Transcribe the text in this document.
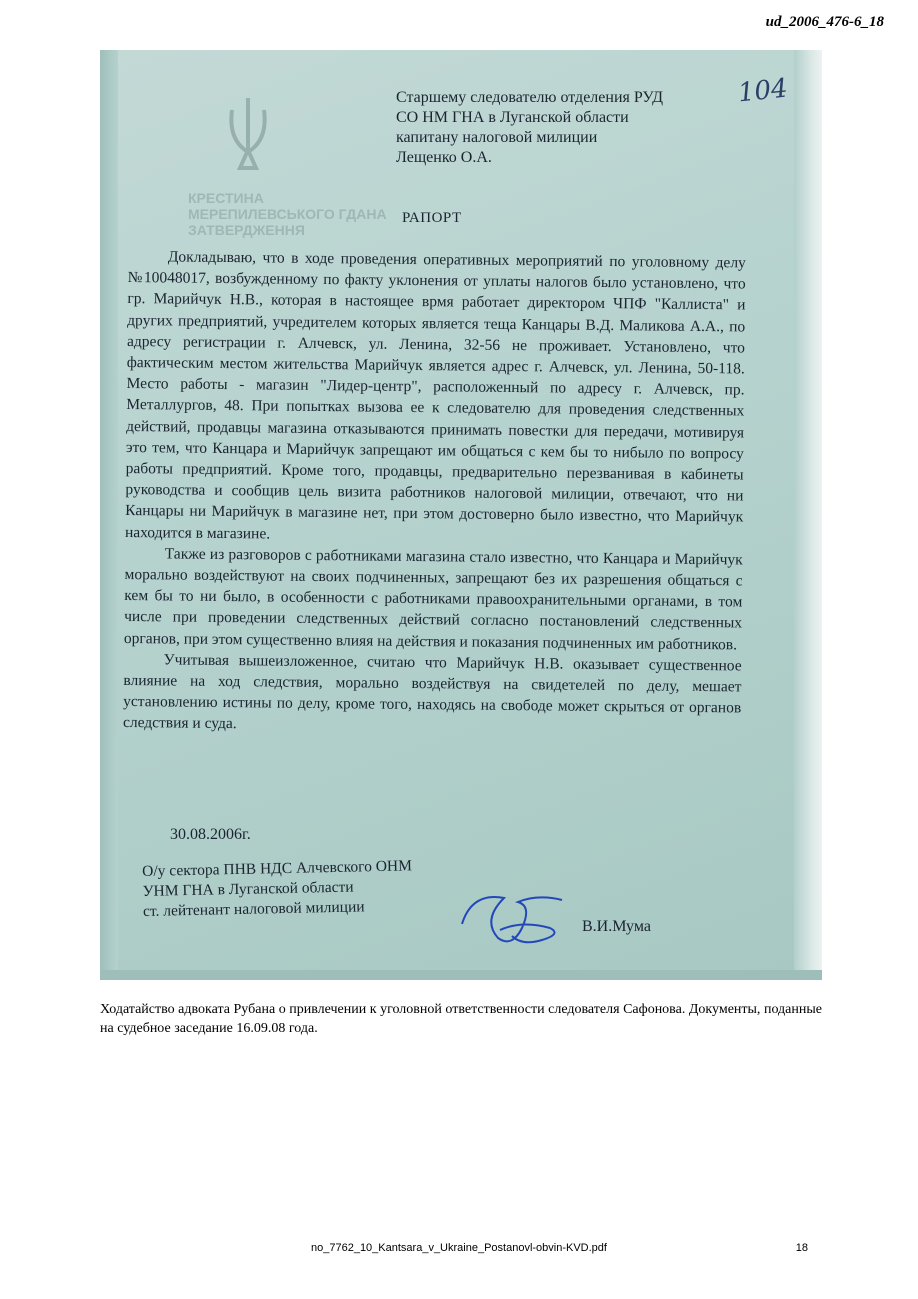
ud_2006_476-6_18
КРЕСТИНА
МЕРЕПИЛЕВСЬКОГО ГДАНА
ЗАТВЕРДЖЕННЯ
Старшему следователю отделения РУД
СО НМ ГНА в Луганской области
капитану налоговой милиции
Лещенко О.А.
104
РАПОРТ

Докладываю, что в ходе проведения оперативных мероприятий по уголовному делу №10048017, возбужденному по факту уклонения от уплаты налогов было установлено, что гр. Марийчук Н.В., которая в настоящее врмя работает директором ЧПФ "Каллиста" и других предприятий, учредителем которых является теща Канцары В.Д. Маликова А.А., по адресу регистрации г. Алчевск, ул. Ленина, 32-56 не проживает. Установлено, что фактическим местом жительства Марийчук является адрес г. Алчевск, ул. Ленина, 50-118. Место работы - магазин "Лидер-центр", расположенный по адресу г. Алчевск, пр. Металлургов, 48. При попытках вызова ее к следователю для проведения следственных действий, продавцы магазина отказываются принимать повестки для передачи, мотивируя это тем, что Канцара и Марийчук запрещают им общаться с кем бы то нибыло по вопросу работы предприятий. Кроме того, продавцы, предварительно перезванивая в кабинеты руководства и сообщив цель визита работников налоговой милиции, отвечают, что ни Канцары ни Марийчук в магазине нет, при этом достоверно было известно, что Марийчук находится в магазине.

Также из разговоров с работниками магазина стало известно, что Канцара и Марийчук морально воздействуют на своих подчиненных, запрещают без их разрешения общаться с кем бы то ни было, в особенности с работниками правоохранительными органами, в том числе при проведении следственных действий согласно постановлений следственных органов, при этом существенно влияя на действия и показания подчиненных им работников.

Учитывая вышеизложенное, считаю что Марийчук Н.В. оказывает существенное влияние на ход следствия, морально воздействуя на свидетелей по делу, мешает установлению истины по делу, кроме того, находясь на свободе может скрыться от органов следствия и суда.

30.08.2006г.
О/у сектора ПНВ НДС Алчевского ОНМ
УНМ ГНА в Луганской области
ст. лейтенант налоговой милиции
В.И.Мума
Ходатайство адвоката Рубана о привлечении к уголовной ответственности следователя Сафонова. Документы, поданные на судебное заседание 16.09.08 года.
no_7762_10_Kantsara_v_Ukraine_Postanovl-obvin-KVD.pdf	18
